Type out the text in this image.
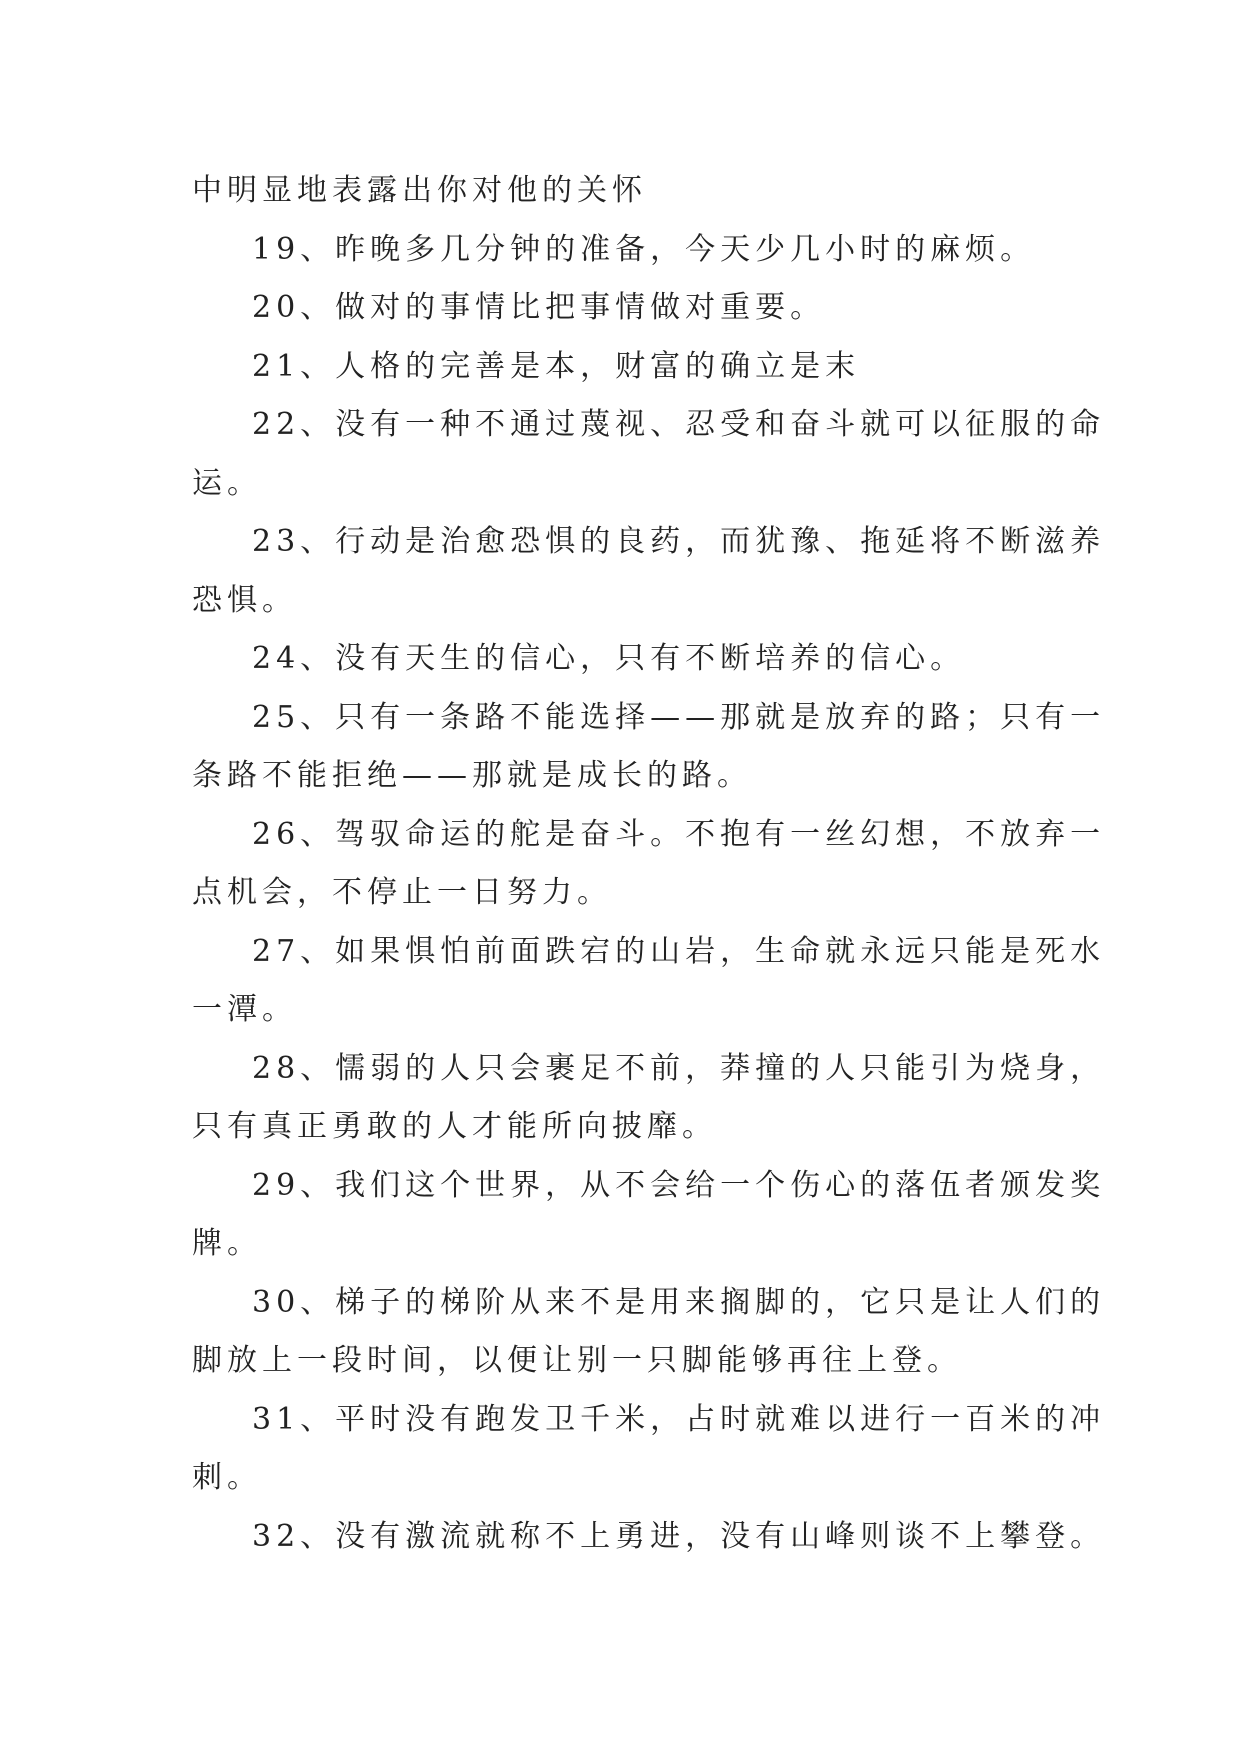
中明显地表露出你对他的关怀
19、昨晚多几分钟的准备，今天少几小时的麻烦。
20、做对的事情比把事情做对重要。
21、人格的完善是本，财富的确立是末
22、没有一种不通过蔑视、忍受和奋斗就可以征服的命
运。
23、行动是治愈恐惧的良药，而犹豫、拖延将不断滋养
恐惧。
24、没有天生的信心，只有不断培养的信心。
25、只有一条路不能选择——那就是放弃的路；只有一
条路不能拒绝——那就是成长的路。
26、驾驭命运的舵是奋斗。不抱有一丝幻想，不放弃一
点机会，不停止一日努力。
27、如果惧怕前面跌宕的山岩，生命就永远只能是死水
一潭。
28、懦弱的人只会裹足不前，莽撞的人只能引为烧身，
只有真正勇敢的人才能所向披靡。
29、我们这个世界，从不会给一个伤心的落伍者颁发奖
牌。
30、梯子的梯阶从来不是用来搁脚的，它只是让人们的
脚放上一段时间，以便让别一只脚能够再往上登。
31、平时没有跑发卫千米，占时就难以进行一百米的冲
刺。
32、没有激流就称不上勇进，没有山峰则谈不上攀登。
